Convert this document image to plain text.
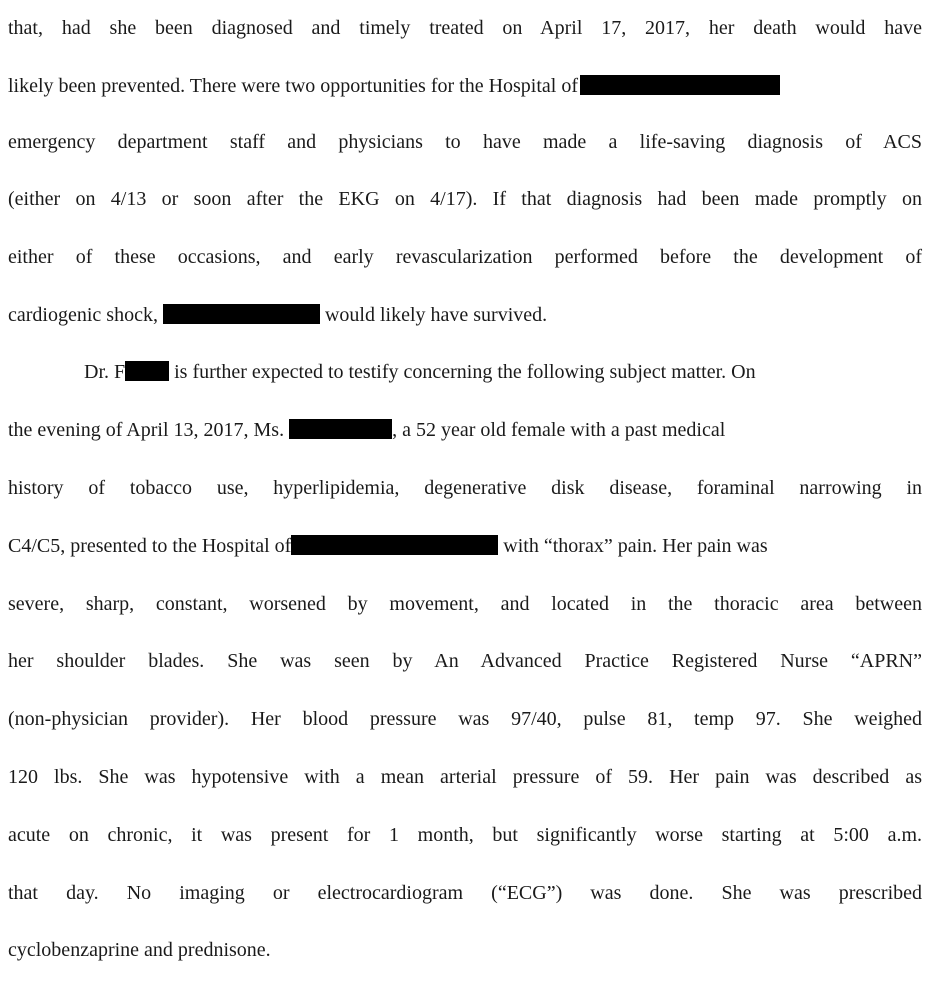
that, had she been diagnosed and timely treated on April 17, 2017, her death would have
likely been prevented. There were two opportunities for the Hospital of
emergency department staff and physicians to have made a life-saving diagnosis of ACS
(either on 4/13 or soon after the EKG on 4/17). If that diagnosis had been made promptly on
either of these occasions, and early revascularization performed before the development of
cardiogenic shock,	would likely have survived.
Dr. F is further expected to testify concerning the following subject matter. On
the evening of April 13, 2017, Ms.	, a 52 year old female with a past medical
history of tobacco use, hyperlipidemia, degenerative disk disease, foraminal narrowing in
C4/C5, presented to the Hospital of	with “thorax” pain. Her pain was
severe, sharp, constant, worsened by movement, and located in the thoracic area between
her shoulder blades. She was seen by An Advanced Practice Registered Nurse “APRN”
(non-physician provider). Her blood pressure was 97/40, pulse 81, temp 97. She weighed
120 lbs. She was hypotensive with a mean arterial pressure of 59. Her pain was described as
acute on chronic, it was present for 1 month, but significantly worse starting at 5:00 a.m.
that day. No imaging or electrocardiogram (“ECG”) was done. She was prescribed
cyclobenzaprine and prednisone.
